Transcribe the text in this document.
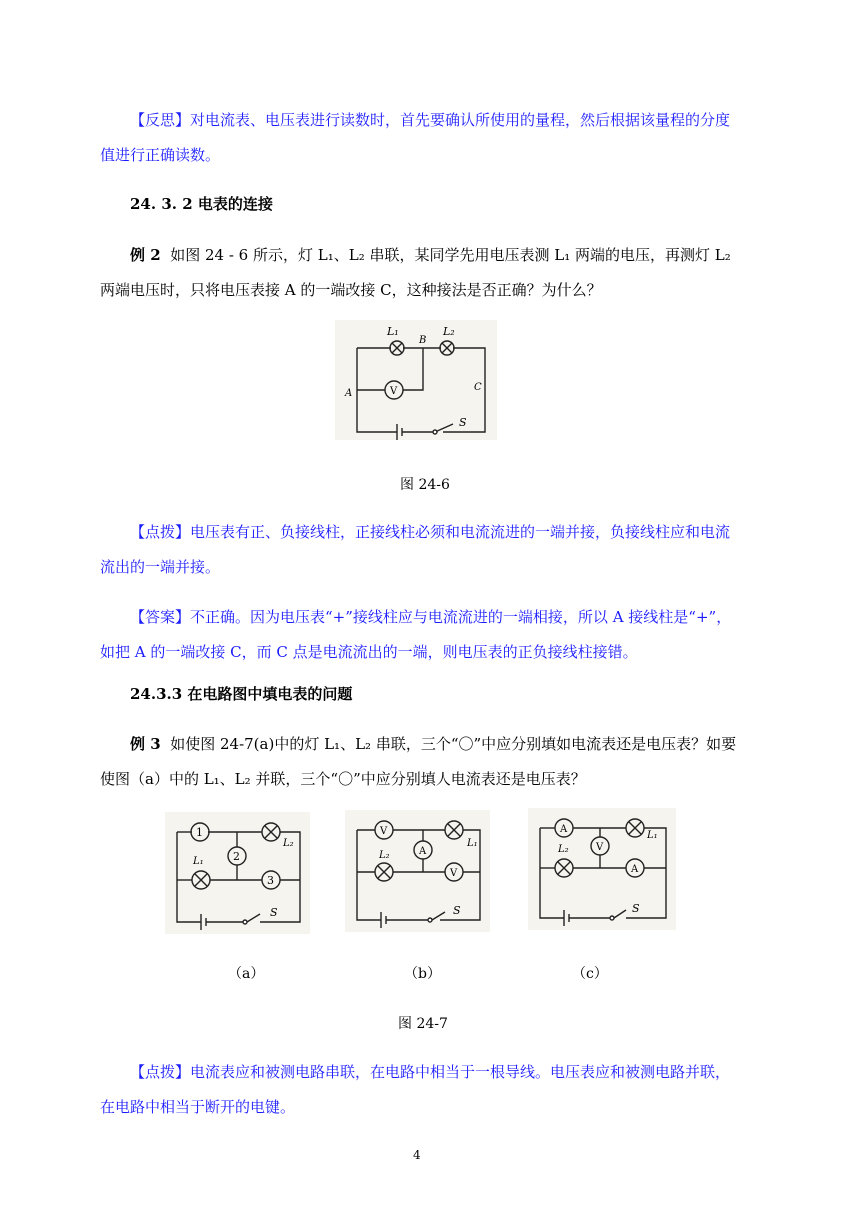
【反思】对电流表、电压表进行读数时，首先要确认所使用的量程，然后根据该量程的分度值进行正确读数。

24. 3. 2 电表的连接

例 2 如图 24 - 6 所示，灯 L₁、L₂ 串联，某同学先用电压表测 L₁ 两端的电压，再测灯 L₂ 两端电压时，只将电压表接 A 的一端改接 C，这种接法是否正确？为什么？

L₁	L₂
B
A
C
V
S
图 24-6

【点拨】电压表有正、负接线柱，正接线柱必须和电流流进的一端并接，负接线柱应和电流流出的一端并接。

【答案】不正确。因为电压表“+”接线柱应与电流流进的一端相接，所以 A 接线柱是“+”，如把 A 的一端改接 C，而 C 点是电流流出的一端，则电压表的正负接线柱接错。

24.3.3 在电路图中填电表的问题

例 3 如使图 24-7(a)中的灯 L₁、L₂ 串联，三个“〇”中应分别填如电流表还是电压表？如要使图（a）中的 L₁、L₂ 并联，三个“〇”中应分别填人电流表还是电压表？

1
2
3
L₂
L₁
S
V
A
V
L₁
L₂
S
A
V
A
L₁
L₂
S
（a）	（b）	（c）
图 24-7

【点拨】电流表应和被测电路串联，在电路中相当于一根导线。电压表应和被测电路并联，在电路中相当于断开的电键。

4
